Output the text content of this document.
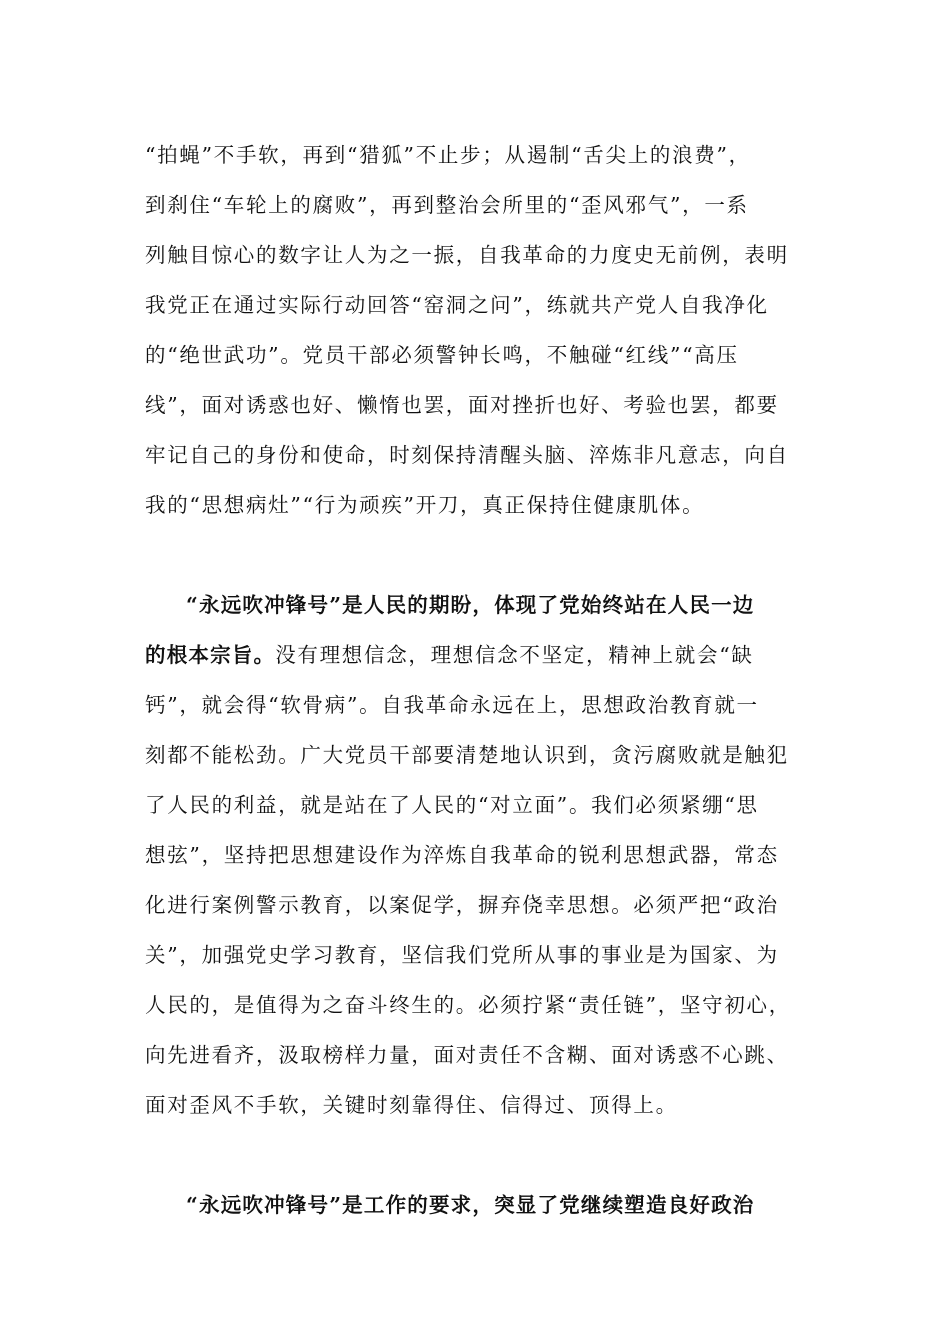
“拍蝇”不手软，再到“猎狐”不止步；从遏制“舌尖上的浪费”，
到刹住“车轮上的腐败”，再到整治会所里的“歪风邪气”，一系
列触目惊心的数字让人为之一振，自我革命的力度史无前例，表明
我党正在通过实际行动回答“窑洞之问”，练就共产党人自我净化
的“绝世武功”。党员干部必须警钟长鸣，不触碰“红线”“高压
线”，面对诱惑也好、懒惰也罢，面对挫折也好、考验也罢，都要
牢记自己的身份和使命，时刻保持清醒头脑、淬炼非凡意志，向自
我的“思想病灶”“行为顽疾”开刀，真正保持住健康肌体。
“永远吹冲锋号”是人民的期盼，体现了党始终站在人民一边
的根本宗旨。没有理想信念，理想信念不坚定，精神上就会“缺
钙”，就会得“软骨病”。自我革命永远在上，思想政治教育就一
刻都不能松劲。广大党员干部要清楚地认识到，贪污腐败就是触犯
了人民的利益，就是站在了人民的“对立面”。我们必须紧绷“思
想弦”，坚持把思想建设作为淬炼自我革命的锐利思想武器，常态
化进行案例警示教育，以案促学，摒弃侥幸思想。必须严把“政治
关”，加强党史学习教育，坚信我们党所从事的事业是为国家、为
人民的，是值得为之奋斗终生的。必须拧紧“责任链”，坚守初心，
向先进看齐，汲取榜样力量，面对责任不含糊、面对诱惑不心跳、
面对歪风不手软，关键时刻靠得住、信得过、顶得上。
“永远吹冲锋号”是工作的要求，突显了党继续塑造良好政治
